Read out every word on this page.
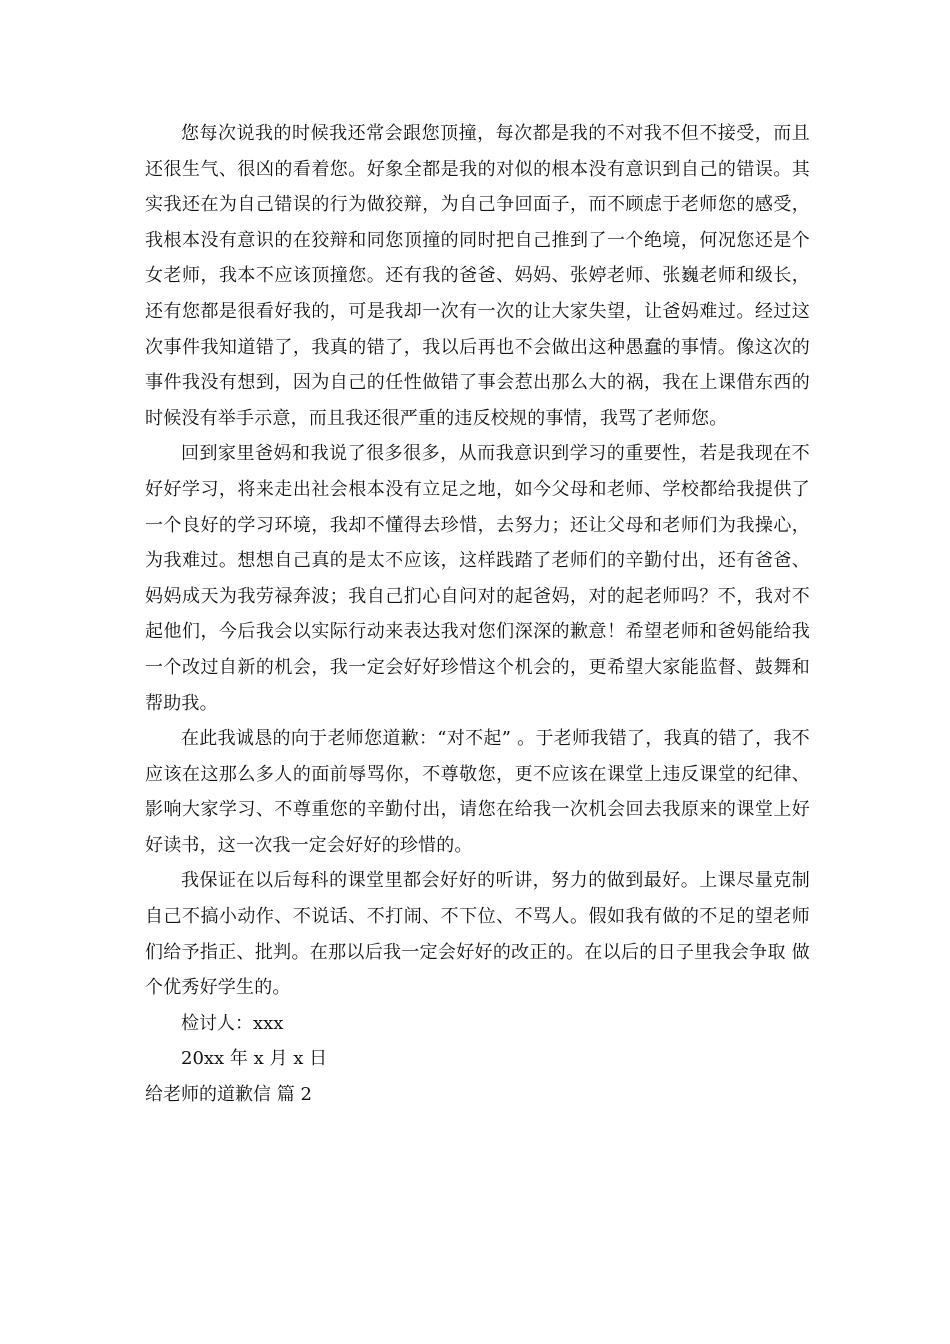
您每次说我的时候我还常会跟您顶撞，每次都是我的不对我不但不接受，而且还很生气、很凶的看着您。好象全都是我的对似的根本没有意识到自己的错误。其实我还在为自己错误的行为做狡辩，为自己争回面子，而不顾虑于老师您的感受，我根本没有意识的在狡辩和同您顶撞的同时把自己推到了一个绝境，何况您还是个女老师，我本不应该顶撞您。还有我的爸爸、妈妈、张婷老师、张巍老师和级长，还有您都是很看好我的，可是我却一次有一次的让大家失望，让爸妈难过。经过这次事件我知道错了，我真的错了，我以后再也不会做出这种愚蠢的事情。像这次的事件我没有想到，因为自己的任性做错了事会惹出那么大的祸，我在上课借东西的时候没有举手示意，而且我还很严重的违反校规的事情，我骂了老师您。

回到家里爸妈和我说了很多很多，从而我意识到学习的重要性，若是我现在不好好学习，将来走出社会根本没有立足之地，如今父母和老师、学校都给我提供了一个良好的学习环境，我却不懂得去珍惜，去努力；还让父母和老师们为我操心，为我难过。想想自己真的是太不应该，这样践踏了老师们的辛勤付出，还有爸爸、妈妈成天为我劳禄奔波；我自己扪心自问对的起爸妈，对的起老师吗？不，我对不起他们，今后我会以实际行动来表达我对您们深深的歉意！希望老师和爸妈能给我一个改过自新的机会，我一定会好好珍惜这个机会的，更希望大家能监督、鼓舞和帮助我。

在此我诚恳的向于老师您道歉：“对不起” 。于老师我错了，我真的错了，我不应该在这那么多人的面前辱骂你，不尊敬您，更不应该在课堂上违反课堂的纪律、影响大家学习、不尊重您的辛勤付出，请您在给我一次机会回去我原来的课堂上好好读书，这一次我一定会好好的珍惜的。

我保证在以后每科的课堂里都会好好的听讲，努力的做到最好。上课尽量克制自己不搞小动作、不说话、不打闹、不下位、不骂人。假如我有做的不足的望老师们给予指正、批判。在那以后我一定会好好的改正的。在以后的日子里我会争取 做个优秀好学生的。

检讨人：xxx

20xx 年 x 月 x 日

给老师的道歉信 篇 2
